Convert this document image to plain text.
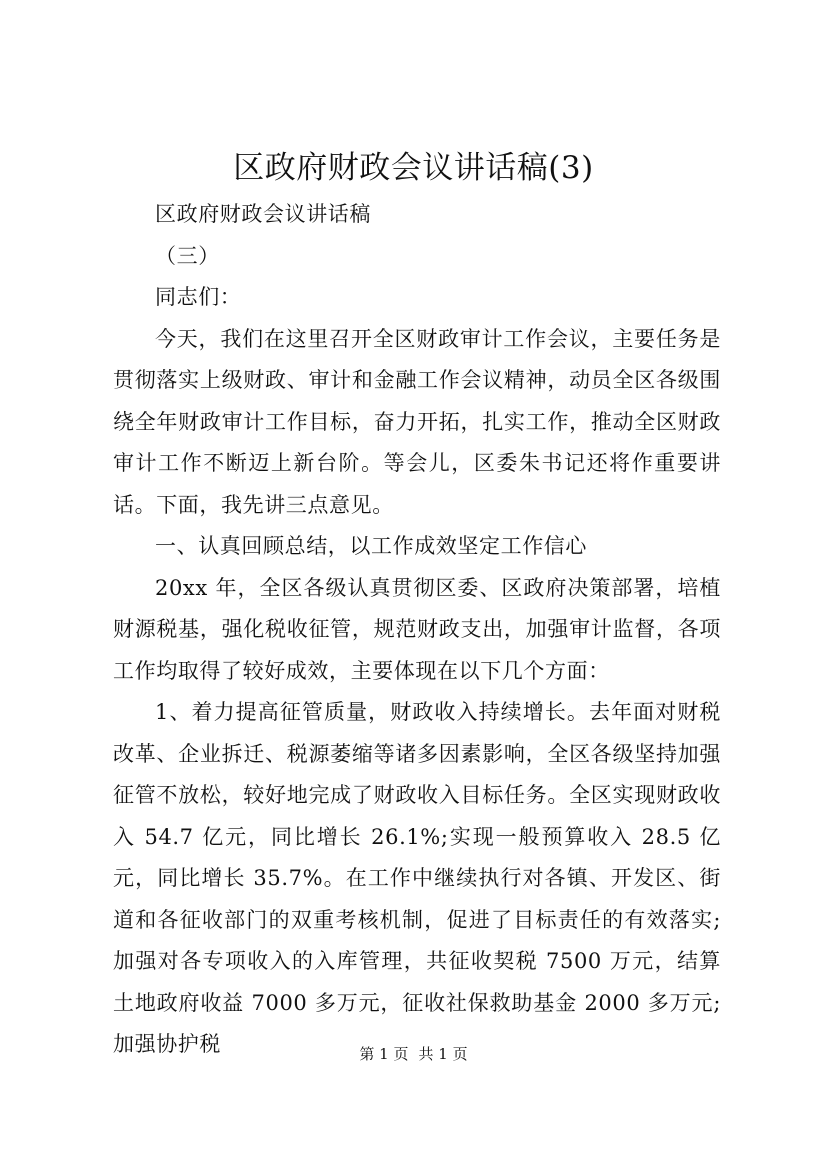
区政府财政会议讲话稿(3)

区政府财政会议讲话稿

（三）

同志们：

今天，我们在这里召开全区财政审计工作会议，主要任务是贯彻落实上级财政、审计和金融工作会议精神，动员全区各级围绕全年财政审计工作目标，奋力开拓，扎实工作，推动全区财政审计工作不断迈上新台阶。等会儿，区委朱书记还将作重要讲话。下面，我先讲三点意见。

一、认真回顾总结，以工作成效坚定工作信心

20xx 年，全区各级认真贯彻区委、区政府决策部署，培植财源税基，强化税收征管，规范财政支出，加强审计监督，各项工作均取得了较好成效，主要体现在以下几个方面：

1、着力提高征管质量，财政收入持续增长。去年面对财税改革、企业拆迁、税源萎缩等诸多因素影响，全区各级坚持加强征管不放松，较好地完成了财政收入目标任务。全区实现财政收入 54.7 亿元，同比增长 26.1%;实现一般预算收入 28.5 亿元，同比增长 35.7%。在工作中继续执行对各镇、开发区、街道和各征收部门的双重考核机制，促进了目标责任的有效落实;加强对各专项收入的入库管理，共征收契税 7500 万元，结算土地政府收益 7000 多万元，征收社保救助基金 2000 多万元;加强协护税	第 1 页 共 1 页
